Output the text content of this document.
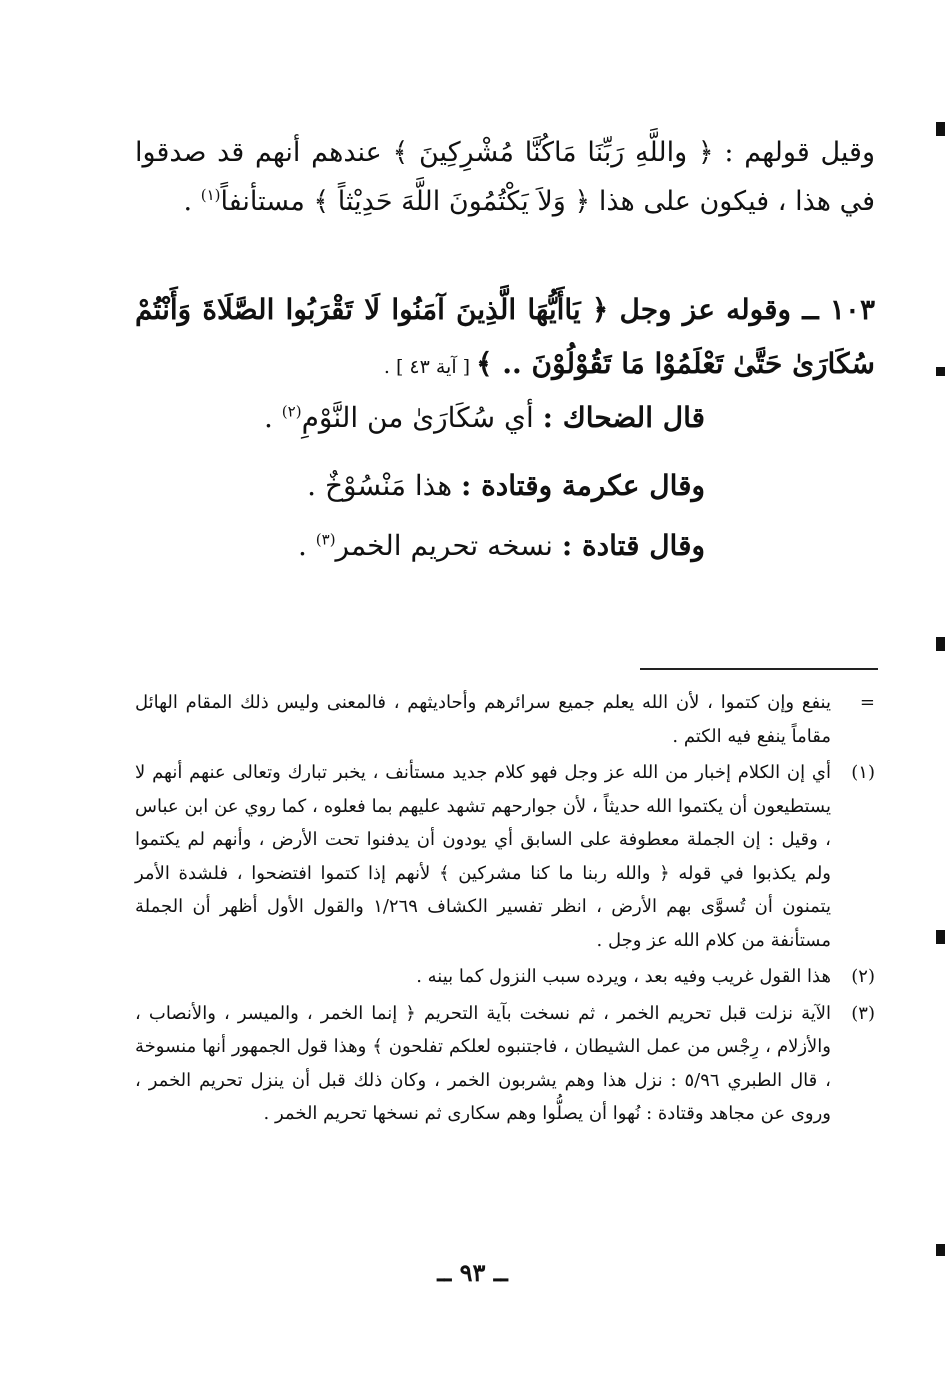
وقيل قولهم : ﴿ واللَّهِ رَبِّنَا مَاكُنَّا مُشْرِكِينَ ﴾ عندهم أنهم قد صدقوا في هذا ، فيكون على هذا ﴿ وَلاَ يَكْتُمُونَ اللَّهَ حَدِيْثاً ﴾ مستأنفاً$^{(١)}$ .
١٠٣ ــ وقوله عز وجل ﴿ يَاأَيُّهَا الَّذِينَ آمَنُوا لَا تَقْرَبُوا الصَّلَاةَ وَأَنْتُمْ سُكَارَىٰ حَتَّىٰ تَعْلَمُوْا مَا تَقُوْلُوْنَ .. ﴾ [ آية ٤٣ ] .
قال الضحاك : أي سُكَارَىٰ من النَّوْمِ$^{(٢)}$ .
وقال عكرمة وقتادة : هذا مَنْسُوْخٌ .
وقال قتادة : نسخه تحريم الخمر$^{(٣)}$ .
=
ينفع وإن كتموا ، لأن الله يعلم جميع سرائرهم وأحاديثهم ، فالمعنى وليس ذلك المقام الهائل مقاماً ينفع فيه الكتم .
(١)
أي إن الكلام إخبار من الله عز وجل فهو كلام جديد مستأنف ، يخبر تبارك وتعالى عنهم أنهم لا يستطيعون أن يكتموا الله حديثاً ، لأن جوارحهم تشهد عليهم بما فعلوه ، كما روي عن ابن عباس ، وقيل : إن الجملة معطوفة على السابق أي يودون أن يدفنوا تحت الأرض ، وأنهم لم يكتموا ولم يكذبوا في قوله ﴿ والله ربنا ما كنا مشركين ﴾ لأنهم إذا كتموا افتضحوا ، فلشدة الأمر يتمنون أن تُسوَّى بهم الأرض ، انظر تفسير الكشاف ١/٢٦٩ والقول الأول أظهر أن الجملة مستأنفة من كلام الله عز وجل .
(٢)
هذا القول غريب وفيه بعد ، ويرده سبب النزول كما بينه .
(٣)
الآية نزلت قبل تحريم الخمر ، ثم نسخت بآية التحريم ﴿ إنما الخمر ، والميسر ، والأنصاب ، والأزلام ، رِجْس من عمل الشيطان ، فاجتنبوه لعلكم تفلحون ﴾ وهذا قول الجمهور أنها منسوخة ، قال الطبري ٥/٩٦ : نزل هذا وهم يشربون الخمر ، وكان ذلك قبل أن ينزل تحريم الخمر ، وروى عن مجاهد وقتادة : نُهوا أن يصلُّوا وهم سكارى ثم نسخها تحريم الخمر .
ــ ٩٣ ــ
